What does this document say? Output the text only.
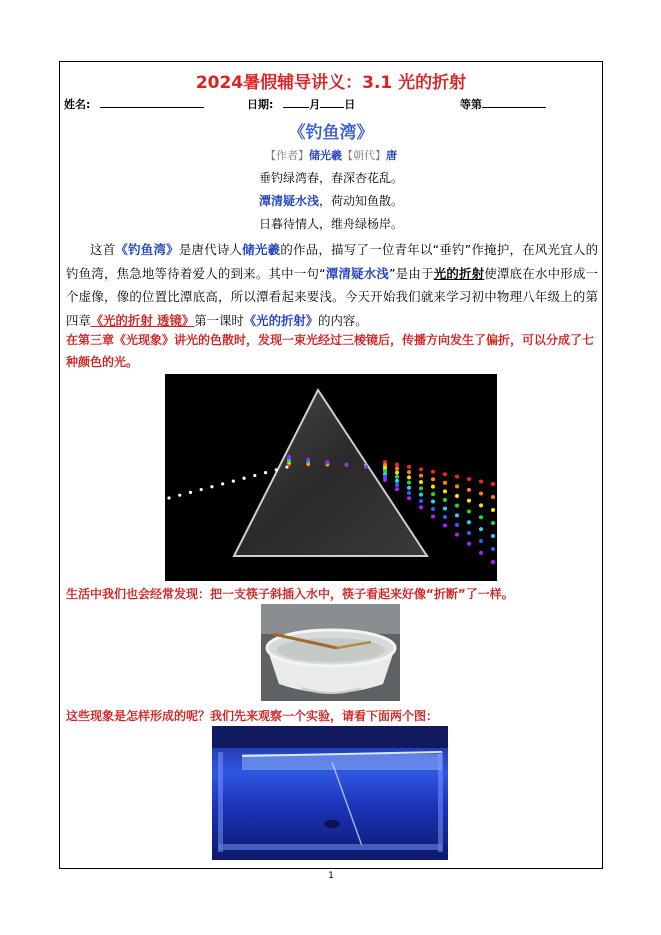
2024暑假辅导讲义：3.1 光的折射
姓名:	日期:	月 日	等第
《钓鱼湾》
【作者】储光羲【朝代】唐
垂钓绿湾春，春深杏花乱。
潭清疑水浅，荷动知鱼散。
日暮待情人，维舟绿杨岸。
这首《钓鱼湾》是唐代诗人储光羲的作品，描写了一位青年以“垂钓”作掩护，在风光宜人的钓鱼湾，焦急地等待着爱人的到来。其中一句“潭清疑水浅”是由于光的折射使潭底在水中形成一个虚像，像的位置比潭底高，所以潭看起来要浅。今天开始我们就来学习初中物理八年级上的第四章《光的折射 透镜》第一课时《光的折射》的内容。
在第三章《光现象》讲光的色散时，发现一束光经过三棱镜后，传播方向发生了偏折，可以分成了七种颜色的光。
生活中我们也会经常发现：把一支筷子斜插入水中，筷子看起来好像“折断”了一样。
这些现象是怎样形成的呢？我们先来观察一个实验，请看下面两个图：
1
